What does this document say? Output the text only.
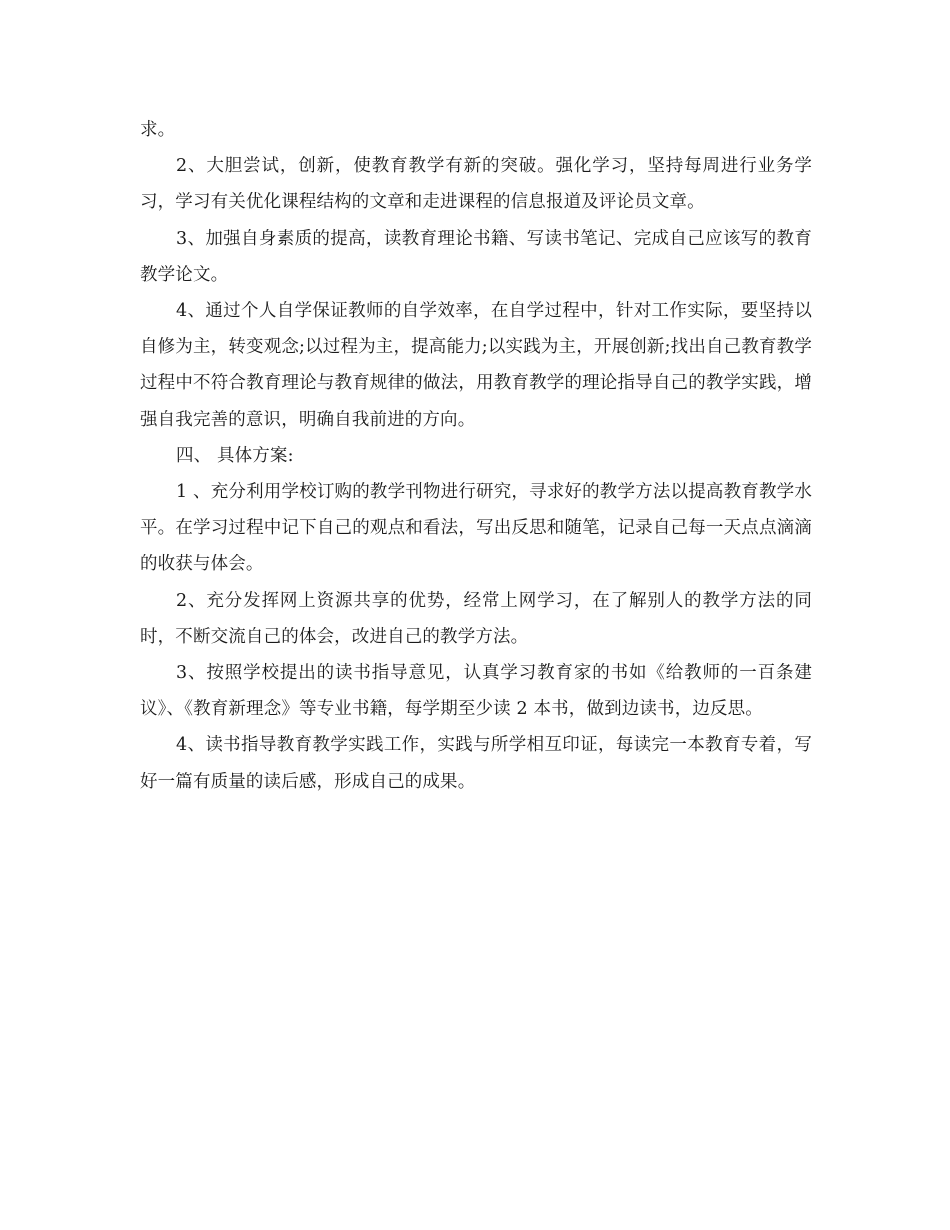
求。

2、大胆尝试，创新，使教育教学有新的突破。强化学习，坚持每周进行业务学习，学习有关优化课程结构的文章和走进课程的信息报道及评论员文章。

3、加强自身素质的提高，读教育理论书籍、写读书笔记、完成自己应该写的教育教学论文。

4、通过个人自学保证教师的自学效率，在自学过程中，针对工作实际，要坚持以自修为主，转变观念;以过程为主，提高能力;以实践为主，开展创新;找出自己教育教学过程中不符合教育理论与教育规律的做法，用教育教学的理论指导自己的教学实践，增强自我完善的意识，明确自我前进的方向。

四、 具体方案:

1 、充分利用学校订购的教学刊物进行研究，寻求好的教学方法以提高教育教学水平。在学习过程中记下自己的观点和看法，写出反思和随笔，记录自己每一天点点滴滴的收获与体会。

2、充分发挥网上资源共享的优势，经常上网学习，在了解别人的教学方法的同时，不断交流自己的体会，改进自己的教学方法。

3、按照学校提出的读书指导意见，认真学习教育家的书如《给教师的一百条建议》、《教育新理念》等专业书籍，每学期至少读 2 本书，做到边读书，边反思。

4、读书指导教育教学实践工作，实践与所学相互印证，每读完一本教育专着，写好一篇有质量的读后感，形成自己的成果。
